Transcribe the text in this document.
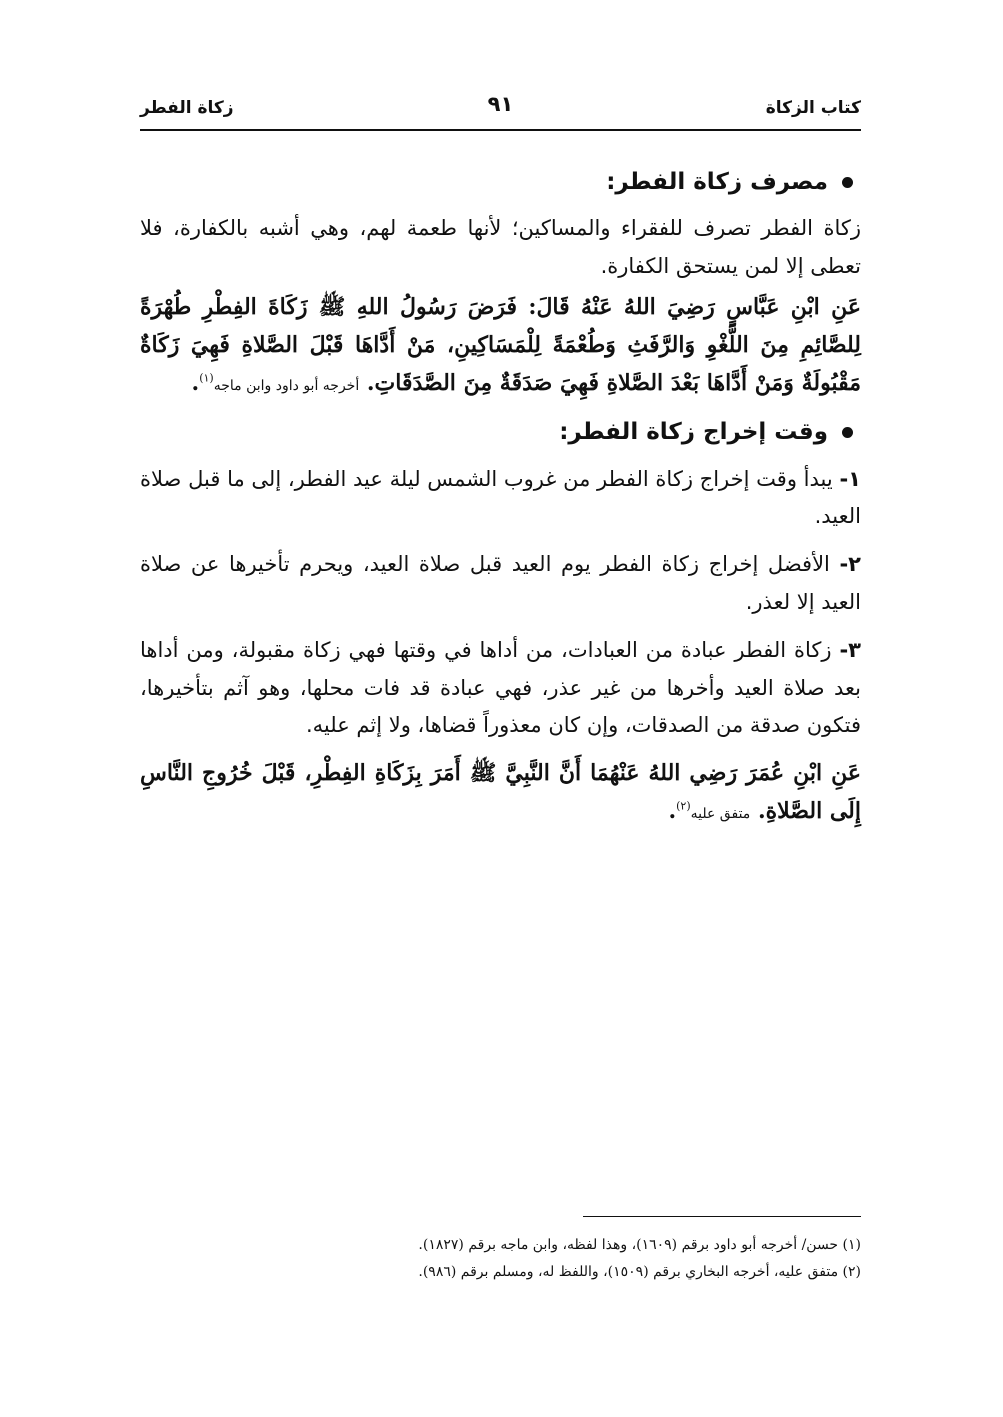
كتاب الزكاة
٩١
زكاة الفطر
مصرف زكاة الفطر:

زكاة الفطر تصرف للفقراء والمساكين؛ لأنها طعمة لهم، وهي أشبه بالكفارة، فلا تعطى إلا لمن يستحق الكفارة.

عَنِ ابْنِ عَبَّاسٍ رَضِيَ اللهُ عَنْهُ قَالَ: فَرَضَ رَسُولُ اللهِ ﷺ زَكَاةَ الفِطْرِ طُهْرَةً لِلصَّائِمِ مِنَ اللَّغْوِ وَالرَّفَثِ وَطُعْمَةً لِلْمَسَاكِينِ، مَنْ أَدَّاهَا قَبْلَ الصَّلاةِ فَهِيَ زَكَاةٌ مَقْبُولَةٌ وَمَنْ أَدَّاهَا بَعْدَ الصَّلاةِ فَهِيَ صَدَقَةٌ مِنَ الصَّدَقَاتِ. أخرجه أبو داود وابن ماجه$^{(١)}$.

وقت إخراج زكاة الفطر:

١- يبدأ وقت إخراج زكاة الفطر من غروب الشمس ليلة عيد الفطر، إلى ما قبل صلاة العيد.

٢- الأفضل إخراج زكاة الفطر يوم العيد قبل صلاة العيد، ويحرم تأخيرها عن صلاة العيد إلا لعذر.

٣- زكاة الفطر عبادة من العبادات، من أداها في وقتها فهي زكاة مقبولة، ومن أداها بعد صلاة العيد وأخرها من غير عذر، فهي عبادة قد فات محلها، وهو آثم بتأخيرها، فتكون صدقة من الصدقات، وإن كان معذوراً قضاها، ولا إثم عليه.

عَنِ ابْنِ عُمَرَ رَضِي اللهُ عَنْهُمَا أَنَّ النَّبِيَّ ﷺ أَمَرَ بِزَكَاةِ الفِطْرِ، قَبْلَ خُرُوجِ النَّاسِ إِلَى الصَّلاةِ. متفق عليه$^{(٢)}$.

(١) حسن/ أخرجه أبو داود برقم (١٦٠٩)، وهذا لفظه، وابن ماجه برقم (١٨٢٧).

(٢) متفق عليه، أخرجه البخاري برقم (١٥٠٩)، واللفظ له، ومسلم برقم (٩٨٦).
